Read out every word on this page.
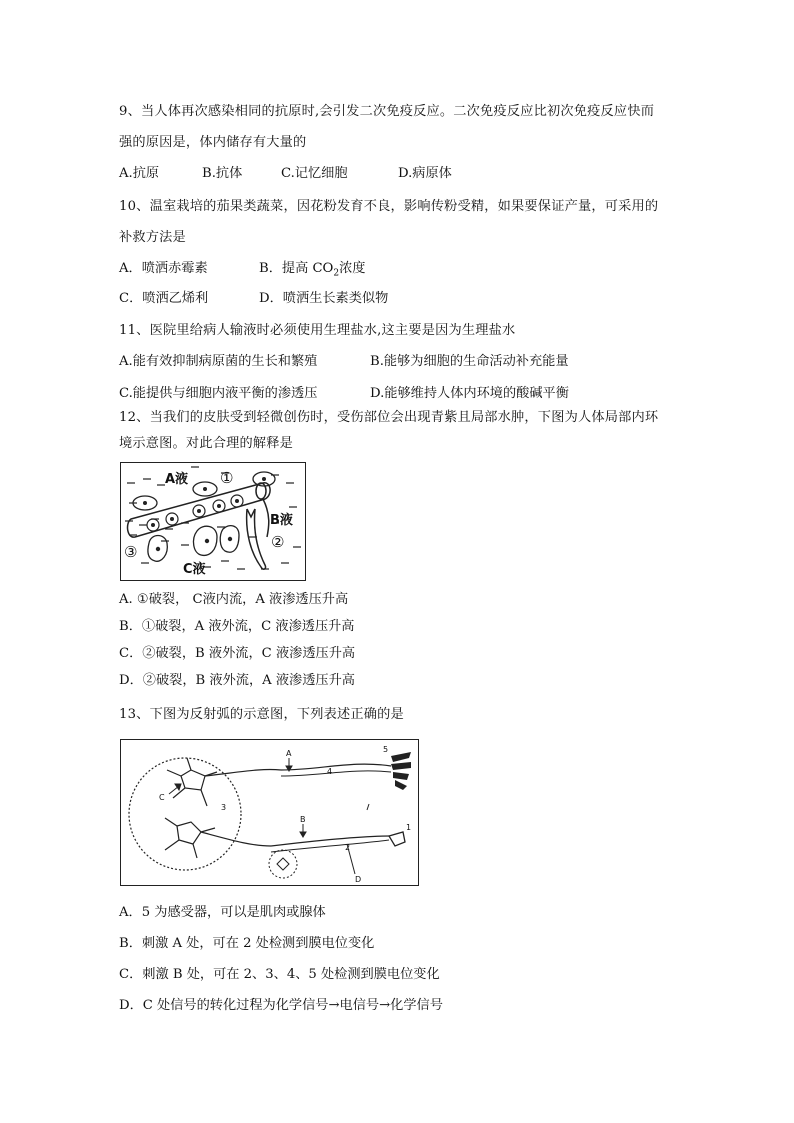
9、当人体再次感染相同的抗原时,会引发二次免疫反应。二次免疫反应比初次免疫反应快而
强的原因是，体内储存有大量的
A.抗原	B.抗体	C.记忆细胞	D.病原体
10、温室栽培的茄果类蔬菜，因花粉发育不良，影响传粉受精，如果要保证产量，可采用的
补救方法是
A．喷洒赤霉素	B．提高 $CO_2$浓度
C．喷洒乙烯利	D．喷洒生长素类似物
11、医院里给病人输液时必须使用生理盐水,这主要是因为生理盐水
A.能有效抑制病原菌的生长和繁殖	B.能够为细胞的生命活动补充能量
C.能提供与细胞内液平衡的渗透压	D.能够维持人体内环境的酸碱平衡
12、当我们的皮肤受到轻微创伤时，受伤部位会出现青紫且局部水肿，下图为人体局部内环
境示意图。对此合理的解释是
A液 ①
B液
②
③
C液
A. ①破裂， C液内流，A 液渗透压升高
B．①破裂，A 液外流，C 液渗透压升高
C．②破裂，B 液外流，C 液渗透压升高
D．②破裂，B 液外流，A 液渗透压升高
13、下图为反射弧的示意图，下列表述正确的是
A
B
C
D
1
2
3
4
5
A．5 为感受器，可以是肌肉或腺体
B．刺激 A 处，可在 2 处检测到膜电位变化
C．刺激 B 处，可在 2、3、4、5 处检测到膜电位变化
D．C 处信号的转化过程为化学信号→电信号→化学信号
